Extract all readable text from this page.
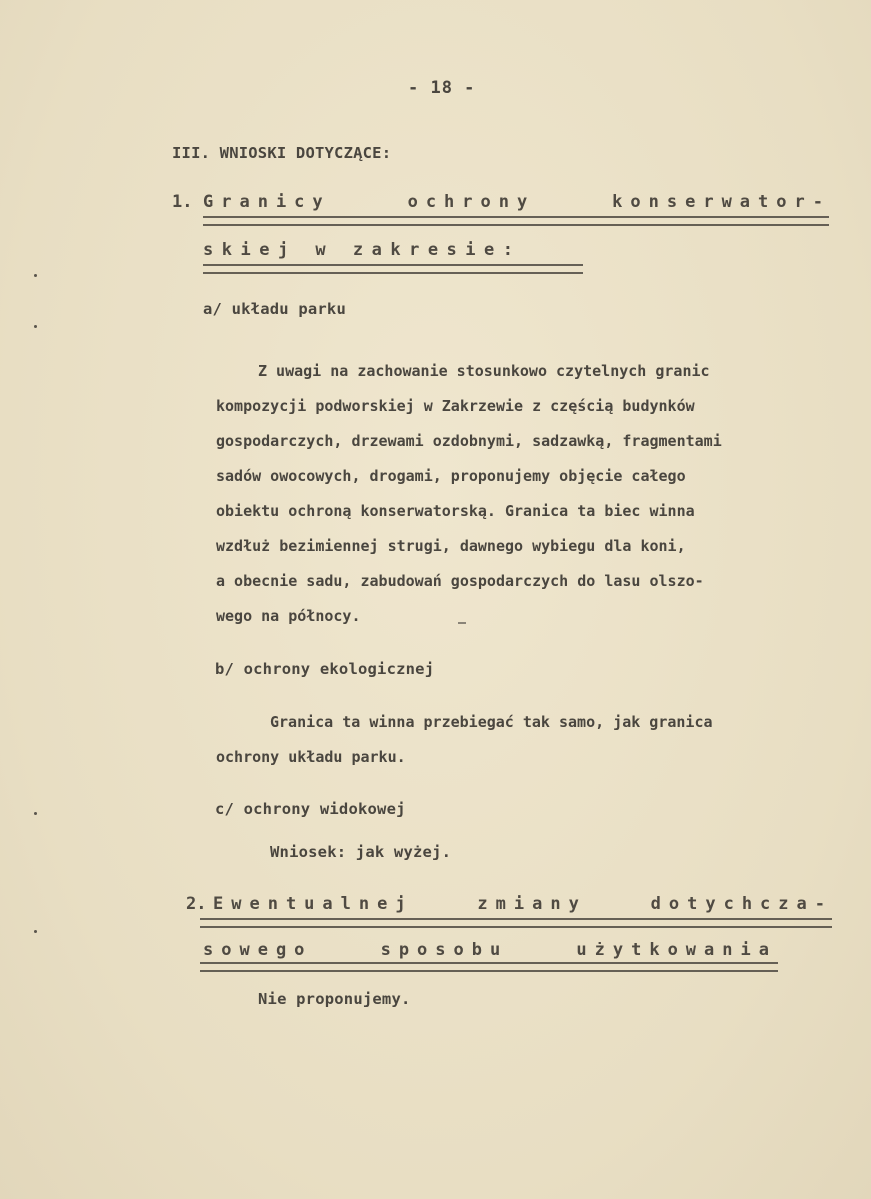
- 18 -
III. WNIOSKI DOTYCZĄCE:
1. Granicy	ochrony	konserwator-
skiej w zakresie:
a/ układu parku
Z uwagi na zachowanie stosunkowo czytelnych granic
kompozycji podworskiej w Zakrzewie z częścią budynków
gospodarczych, drzewami ozdobnymi, sadzawką, fragmentami
sadów owocowych, drogami, proponujemy objęcie całego
obiektu ochroną konserwatorską. Granica ta biec winna
wzdłuż bezimiennej strugi, dawnego wybiegu dla koni,
a obecnie sadu, zabudowań gospodarczych do lasu olszo-
wego na północy.
b/ ochrony ekologicznej
Granica ta winna przebiegać tak samo, jak granica
ochrony układu parku.
c/ ochrony widokowej
Wniosek: jak wyżej.
2. Ewentualnej	zmiany	dotychcza-
sowego	sposobu	użytkowania
Nie proponujemy.
